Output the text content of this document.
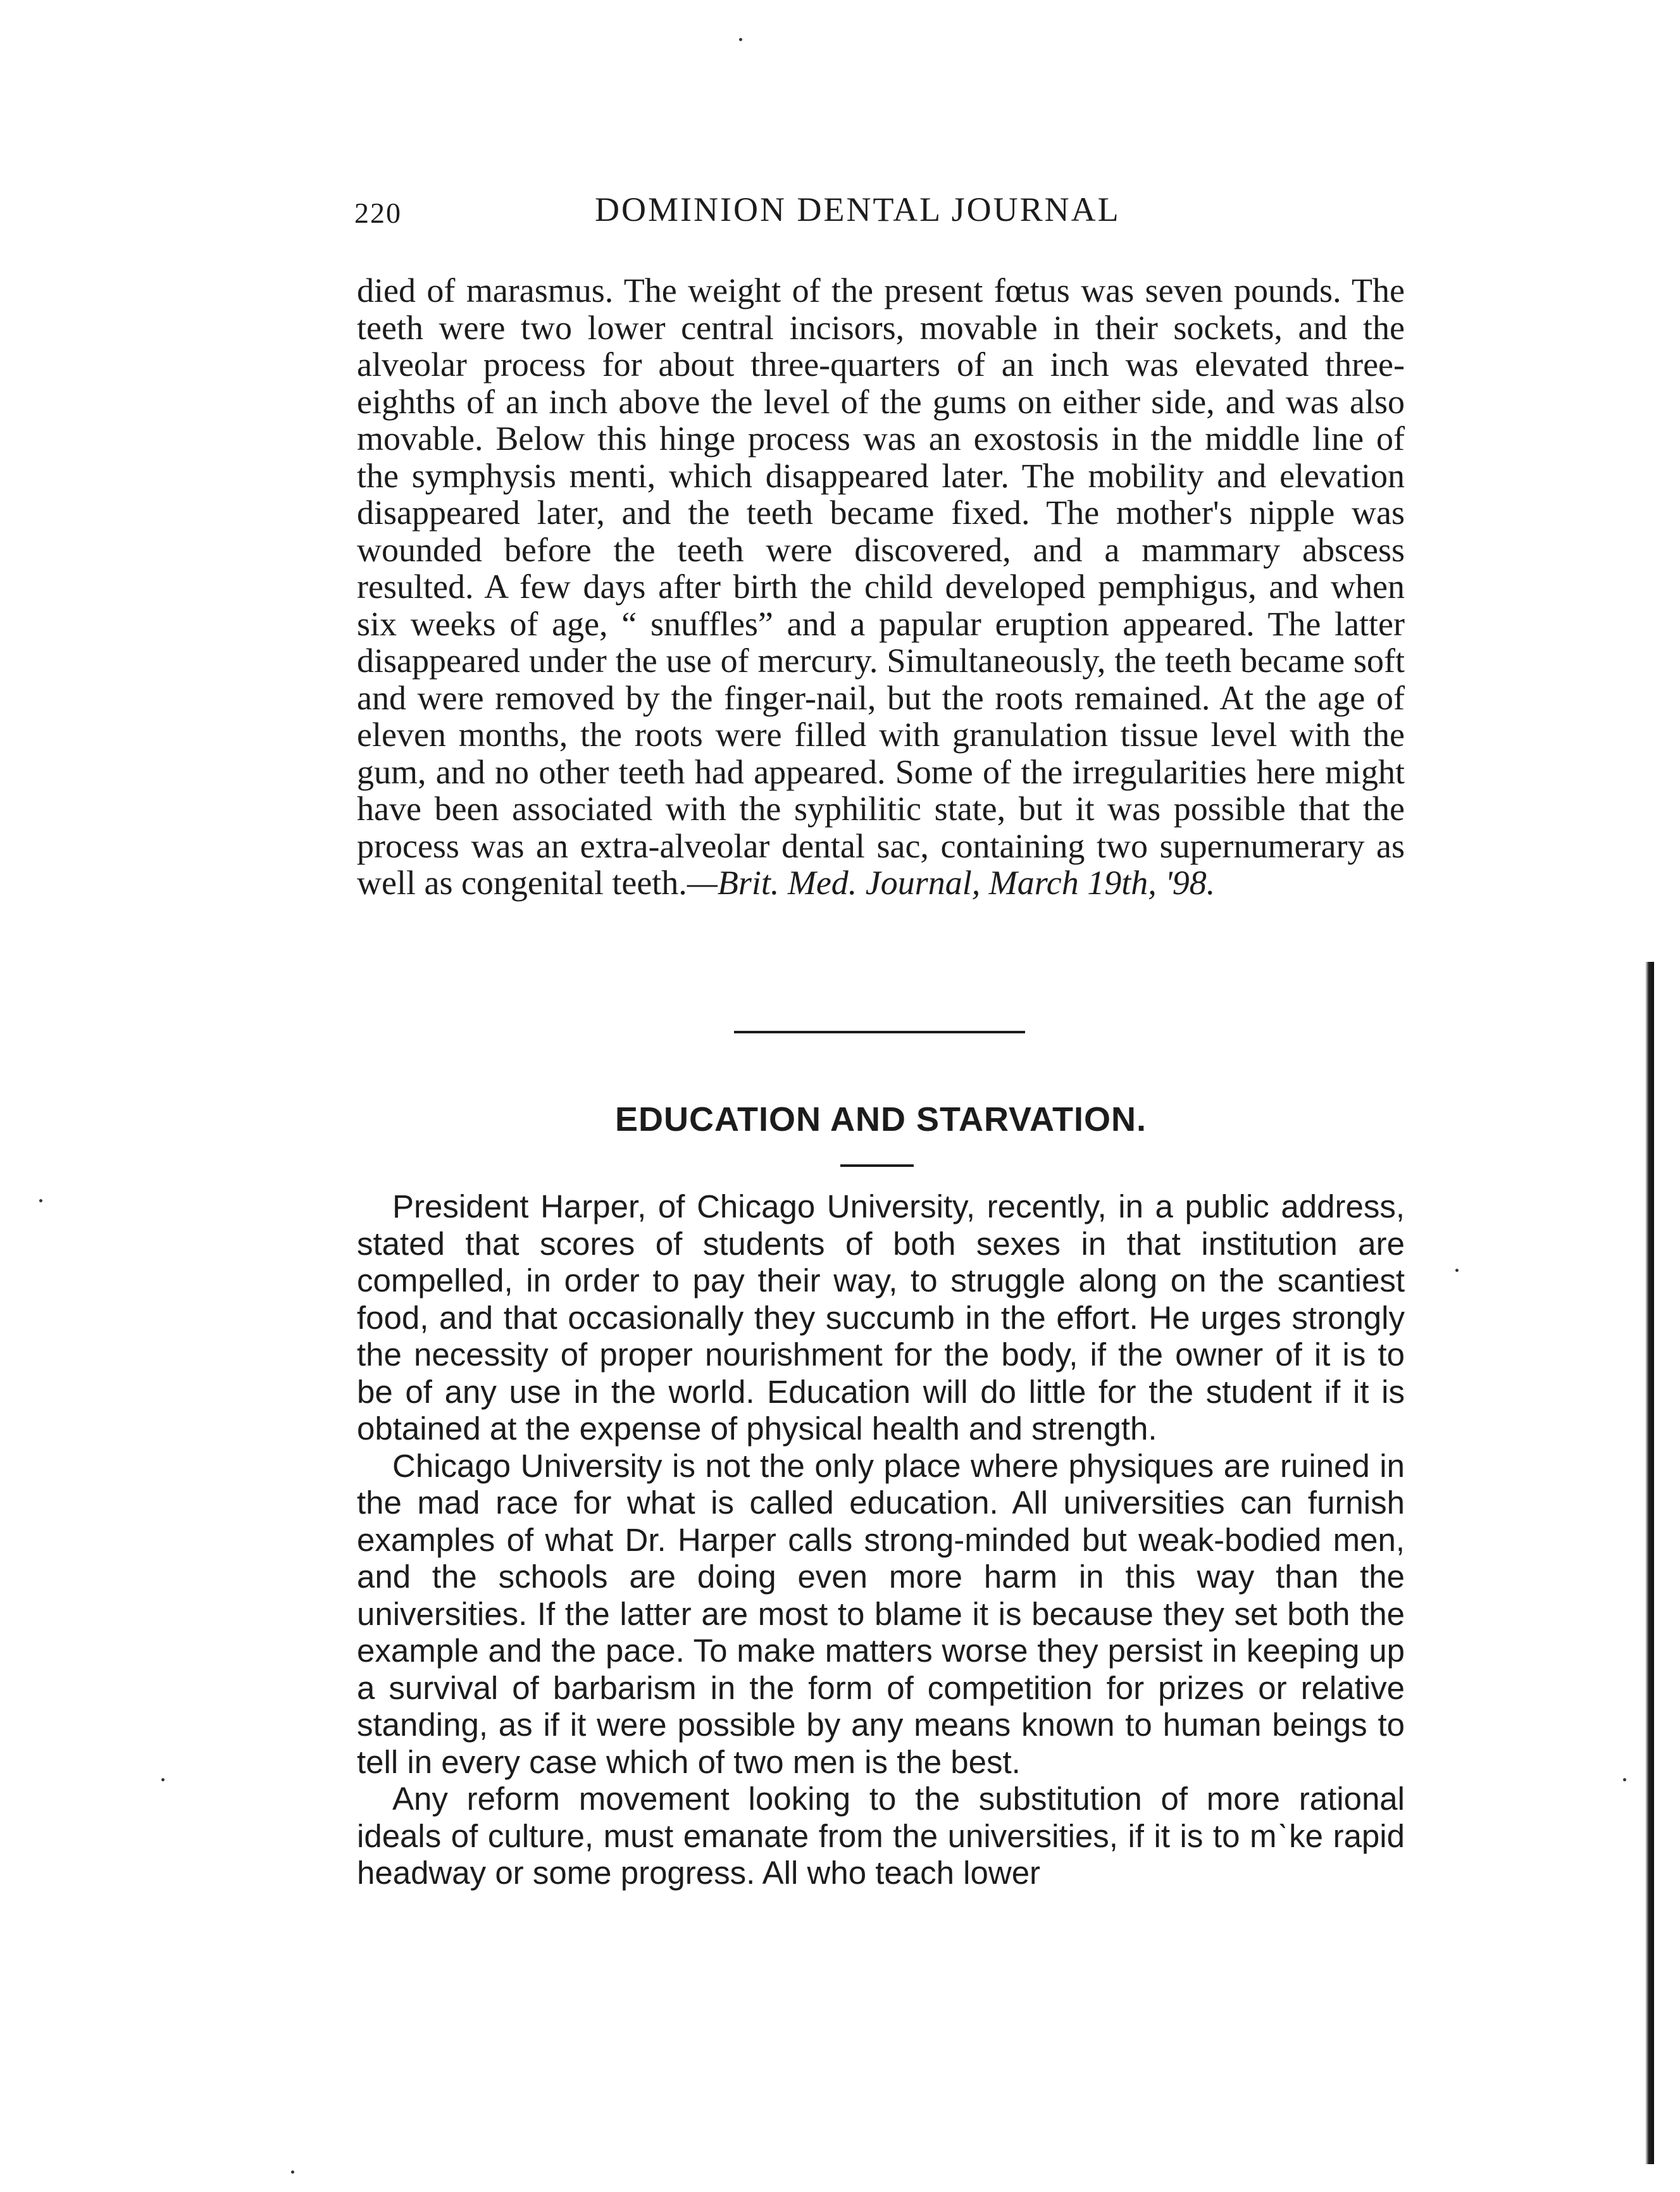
220	DOMINION DENTAL JOURNAL

died of marasmus. The weight of the present fœtus was seven pounds. The teeth were two lower central incisors, movable in their sockets, and the alveolar process for about three-quarters of an inch was elevated three-eighths of an inch above the level of the gums on either side, and was also movable. Below this hinge process was an exostosis in the middle line of the symphysis menti, which disappeared later. The mobility and elevation disappeared later, and the teeth became fixed. The mother's nipple was wounded before the teeth were discovered, and a mammary abscess resulted. A few days after birth the child developed pemphigus, and when six weeks of age, “ snuffles” and a papular eruption appeared. The latter disappeared under the use of mercury. Simultaneously, the teeth became soft and were removed by the finger-nail, but the roots remained. At the age of eleven months, the roots were filled with granulation tissue level with the gum, and no other teeth had appeared. Some of the irregularities here might have been associated with the syphilitic state, but it was possible that the process was an extra-alveolar dental sac, containing two supernumerary as well as congenital teeth.—Brit. Med. Journal, March 19th, '98.

EDUCATION AND STARVATION.

President Harper, of Chicago University, recently, in a public address, stated that scores of students of both sexes in that institution are compelled, in order to pay their way, to struggle along on the scantiest food, and that occasionally they succumb in the effort. He urges strongly the necessity of proper nourishment for the body, if the owner of it is to be of any use in the world. Education will do little for the student if it is obtained at the expense of physical health and strength.

Chicago University is not the only place where physiques are ruined in the mad race for what is called education. All universities can furnish examples of what Dr. Harper calls strong-minded but weak-bodied men, and the schools are doing even more harm in this way than the universities. If the latter are most to blame it is because they set both the example and the pace. To make matters worse they persist in keeping up a survival of barbarism in the form of competition for prizes or relative standing, as if it were possible by any means known to human beings to tell in every case which of two men is the best.

Any reform movement looking to the substitution of more rational ideals of culture, must emanate from the universities, if it is to mˋke rapid headway or some progress. All who teach lower
